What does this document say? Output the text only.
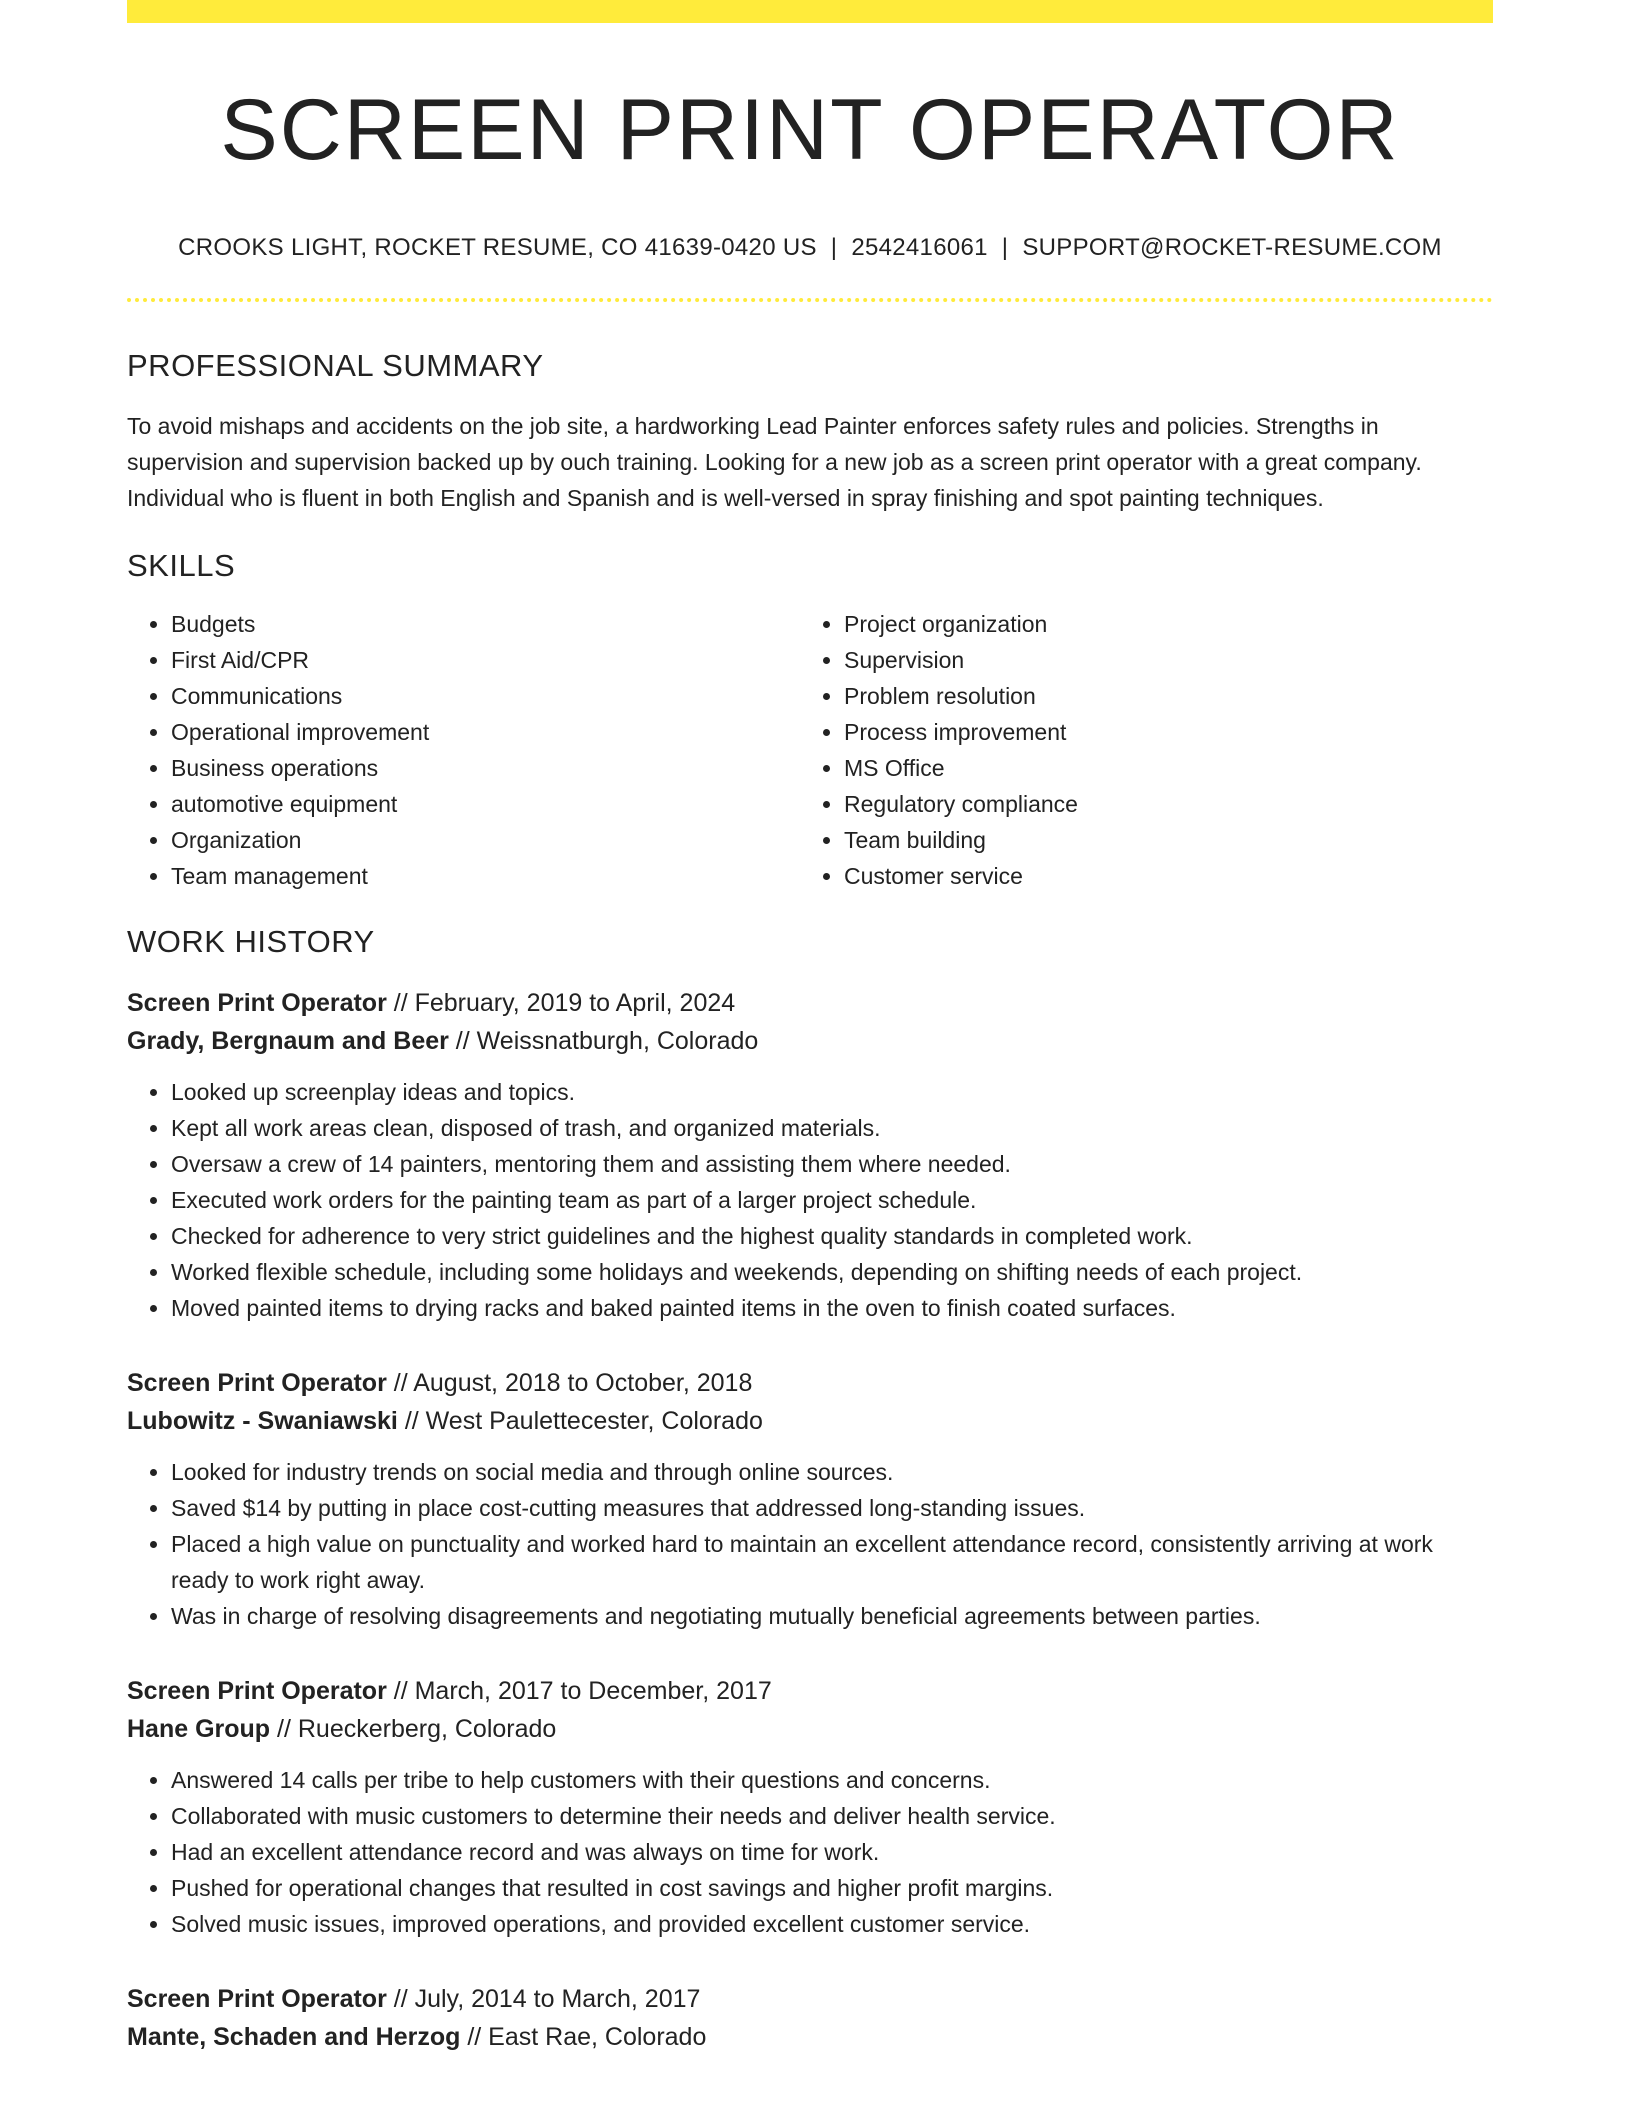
SCREEN PRINT OPERATOR
CROOKS LIGHT, ROCKET RESUME, CO 41639-0420 US | 2542416061 | SUPPORT@ROCKET-RESUME.COM
PROFESSIONAL SUMMARY

To avoid mishaps and accidents on the job site, a hardworking Lead Painter enforces safety rules and policies. Strengths in supervision and supervision backed up by ouch training. Looking for a new job as a screen print operator with a great company. Individual who is fluent in both English and Spanish and is well-versed in spray finishing and spot painting techniques.

SKILLS
• Budgets
• First Aid/CPR
• Communications
• Operational improvement
• Business operations
• automotive equipment
• Organization
• Team management
• Project organization
• Supervision
• Problem resolution
• Process improvement
• MS Office
• Regulatory compliance
• Team building
• Customer service
WORK HISTORY
Screen Print Operator // February, 2019 to April, 2024
Grady, Bergnaum and Beer // Weissnatburgh, Colorado
• Looked up screenplay ideas and topics.
• Kept all work areas clean, disposed of trash, and organized materials.
• Oversaw a crew of 14 painters, mentoring them and assisting them where needed.
• Executed work orders for the painting team as part of a larger project schedule.
• Checked for adherence to very strict guidelines and the highest quality standards in completed work.
• Worked flexible schedule, including some holidays and weekends, depending on shifting needs of each project.
• Moved painted items to drying racks and baked painted items in the oven to finish coated surfaces.
Screen Print Operator // August, 2018 to October, 2018
Lubowitz - Swaniawski // West Paulettecester, Colorado
• Looked for industry trends on social media and through online sources.
• Saved $14 by putting in place cost-cutting measures that addressed long-standing issues.
• Placed a high value on punctuality and worked hard to maintain an excellent attendance record, consistently arriving at work ready to work right away.
• Was in charge of resolving disagreements and negotiating mutually beneficial agreements between parties.
Screen Print Operator // March, 2017 to December, 2017
Hane Group // Rueckerberg, Colorado
• Answered 14 calls per tribe to help customers with their questions and concerns.
• Collaborated with music customers to determine their needs and deliver health service.
• Had an excellent attendance record and was always on time for work.
• Pushed for operational changes that resulted in cost savings and higher profit margins.
• Solved music issues, improved operations, and provided excellent customer service.
Screen Print Operator // July, 2014 to March, 2017
Mante, Schaden and Herzog // East Rae, Colorado
